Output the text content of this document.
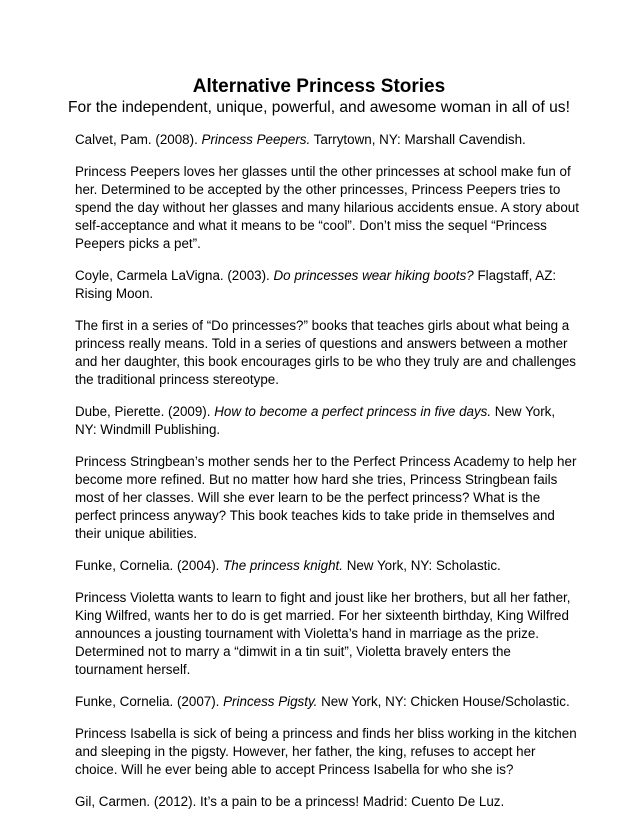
Alternative Princess Stories

For the independent, unique, powerful, and awesome woman in all of us!

Calvet, Pam. (2008). Princess Peepers. Tarrytown, NY: Marshall Cavendish.

Princess Peepers loves her glasses until the other princesses at school make fun of her. Determined to be accepted by the other princesses, Princess Peepers tries to spend the day without her glasses and many hilarious accidents ensue. A story about self-acceptance and what it means to be “cool”. Don’t miss the sequel “Princess Peepers picks a pet”.

Coyle, Carmela LaVigna. (2003). Do princesses wear hiking boots? Flagstaff, AZ: Rising Moon.

The first in a series of “Do princesses?” books that teaches girls about what being a princess really means. Told in a series of questions and answers between a mother and her daughter, this book encourages girls to be who they truly are and challenges the traditional princess stereotype.

Dube, Pierette. (2009). How to become a perfect princess in five days. New York, NY: Windmill Publishing.

Princess Stringbean’s mother sends her to the Perfect Princess Academy to help her become more refined. But no matter how hard she tries, Princess Stringbean fails most of her classes. Will she ever learn to be the perfect princess? What is the perfect princess anyway? This book teaches kids to take pride in themselves and their unique abilities.

Funke, Cornelia. (2004). The princess knight. New York, NY: Scholastic.

Princess Violetta wants to learn to fight and joust like her brothers, but all her father, King Wilfred, wants her to do is get married. For her sixteenth birthday, King Wilfred announces a jousting tournament with Violetta’s hand in marriage as the prize. Determined not to marry a “dimwit in a tin suit”, Violetta bravely enters the tournament herself.

Funke, Cornelia. (2007). Princess Pigsty. New York, NY: Chicken House/Scholastic.

Princess Isabella is sick of being a princess and finds her bliss working in the kitchen and sleeping in the pigsty. However, her father, the king, refuses to accept her choice. Will he ever being able to accept Princess Isabella for who she is?

Gil, Carmen. (2012). It’s a pain to be a princess! Madrid: Cuento De Luz.
